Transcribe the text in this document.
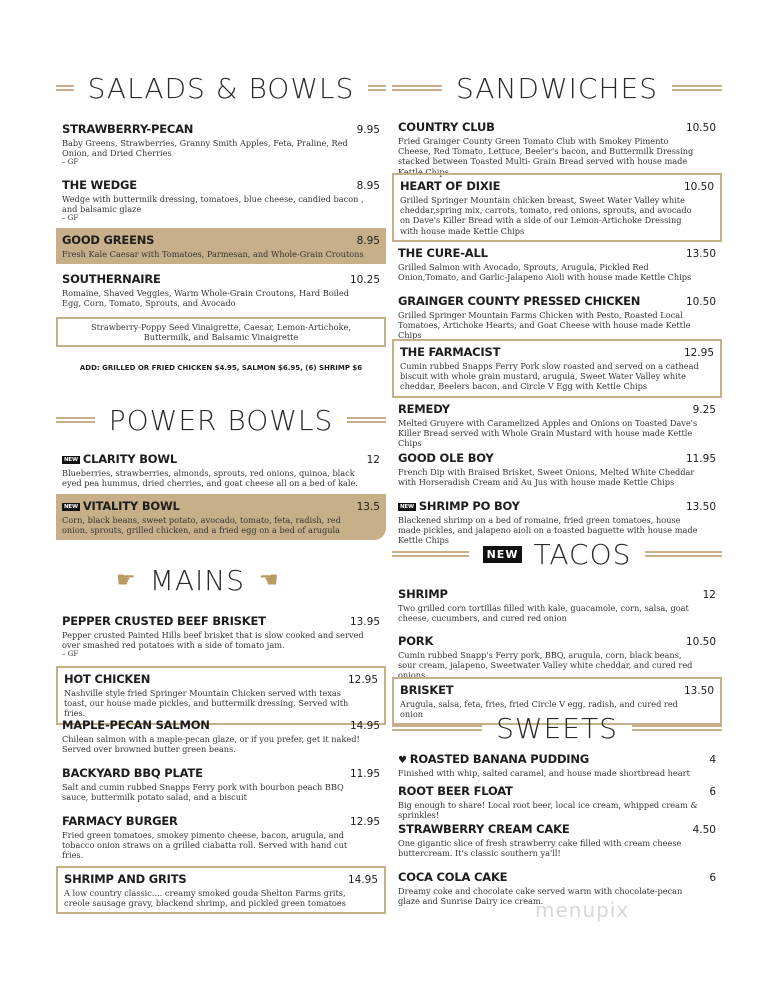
SALADS & BOWLS
STRAWBERRY-PECAN	9.95
Baby Greens, Strawberries, Granny Smith Apples, Feta, Praline, Red Onion, and Dried Cherries
– GF
THE WEDGE	8.95
Wedge with buttermilk dressing, tomatoes, blue cheese, candied bacon , and balsamic glaze
– GF
GOOD GREENS	8.95
Fresh Kale Caesar with Tomatoes, Parmesan, and Whole-Grain Croutons
SOUTHERNAIRE	10.25
Romaine, Shaved Veggies, Warm Whole-Grain Croutons, Hard Boiled Egg, Corn, Tomato, Sprouts, and Avocado
Strawberry-Poppy Seed Vinaigrette, Caesar, Lemon-Artichoke, Buttermilk, and Balsamic Vinaigrette
ADD: GRILLED OR FRIED CHICKEN $4.95, SALMON $6.95, (6) SHRIMP $6
POWER BOWLS
NEW CLARITY BOWL	12
Blueberries, strawberries, almonds, sprouts, red onions, quinoa, black eyed pea hummus, dried cherries, and goat cheese all on a bed of kale.
NEW VITALITY BOWL	13.5
Corn, black beans, sweet potato, avocado, tomato, feta, radish, red onion, sprouts, grilled chicken, and a fried egg on a bed of arugula
☛ MAINS ☚
PEPPER CRUSTED BEEF BRISKET	13.95
Pepper crusted Painted Hills beef brisket that is slow cooked and served over smashed red potatoes with a side of tomato jam.
– GF
HOT CHICKEN	12.95
Nashville style fried Springer Mountain Chicken served with texas toast, our house made pickles, and buttermilk dressing. Served with fries.
MAPLE-PECAN SALMON	14.95
Chilean salmon with a maple-pecan glaze, or if you prefer, get it naked! Served over browned butter green beans.
BACKYARD BBQ PLATE	11.95
Salt and cumin rubbed Snapps Ferry pork with bourbon peach BBQ sauce, buttermilk potato salad, and a biscuit
FARMACY BURGER	12.95
Fried green tomatoes, smokey pimento cheese, bacon, arugula, and tobacco onion straws on a grilled ciabatta roll. Served with hand cut fries.
SHRIMP AND GRITS	14.95
A low country classic.... creamy smoked gouda Shelton Farms grits, creole sausage gravy, blackend shrimp, and pickled green tomatoes
SANDWICHES
COUNTRY CLUB	10.50
Fried Grainger County Green Tomato Club with Smokey Pimento Cheese, Red Tomato, Lettuce, Beeler's bacon, and Buttermilk Dressing stacked between Toasted Multi- Grain Bread served with house made Kettle Chips
HEART OF DIXIE	10.50
Grilled Springer Mountain chicken breast, Sweet Water Valley white cheddar,spring mix, carrots, tomato, red onions, sprouts, and avocado on Dave's Killer Bread with a side of our Lemon-Artichoke Dressing with house made Kettle Chips
THE CURE-ALL	13.50
Grilled Salmon with Avocado, Sprouts, Arugula, Pickled Red Onion,Tomato, and Garlic-Jalapeno Aioli with house made Kettle Chips
GRAINGER COUNTY PRESSED CHICKEN	10.50
Grilled Springer Mountain Farms Chicken with Pesto, Roasted Local Tomatoes, Artichoke Hearts, and Goat Cheese with house made Kettle Chips
THE FARMACIST	12.95
Cumin rubbed Snapps Ferry Pork slow roasted and served on a cathead biscuit with whole grain mustard, arugula, Sweet Water Valley white cheddar, Beelers bacon, and Circle V Egg with Kettle Chips
REMEDY	9.25
Melted Gruyere with Caramelized Apples and Onions on Toasted Dave's Killer Bread served with Whole Grain Mustard with house made Kettle Chips
GOOD OLE BOY	11.95
French Dip with Braised Brisket, Sweet Onions, Melted White Cheddar with Horseradish Cream and Au Jus with house made Kettle Chips
NEW SHRIMP PO BOY	13.50
Blackened shrimp on a bed of romaine, fried green tomatoes, house made pickles, and jalapeno aioli on a toasted baguette with house made Kettle Chips
NEW TACOS
SHRIMP	12
Two grilled corn tortillas filled with kale, guacamole, corn, salsa, goat cheese, cucumbers, and cured red onion
PORK	10.50
Cumin rubbed Snapp's Ferry pork, BBQ, arugula, corn, black beans, sour cream, jalapeno, Sweetwater Valley white cheddar, and cured red onions
BRISKET	13.50
Arugula, salsa, feta, fries, fried Circle V egg, radish, and cured red onion	SWEETS
♥ ROASTED BANANA PUDDING	4
Finished with whip, salted caramel, and house made shortbread heart
ROOT BEER FLOAT	6
Big enough to share! Local root beer, local ice cream, whipped cream & sprinkles!
STRAWBERRY CREAM CAKE	4.50
One gigantic slice of fresh strawberry cake filled with cream cheese buttercream. It's classic southern ya'll!
COCA COLA CAKE	6
Dreamy coke and chocolate cake served warm with chocolate-pecan glaze and Sunrise Dairy ice cream.
menupix
